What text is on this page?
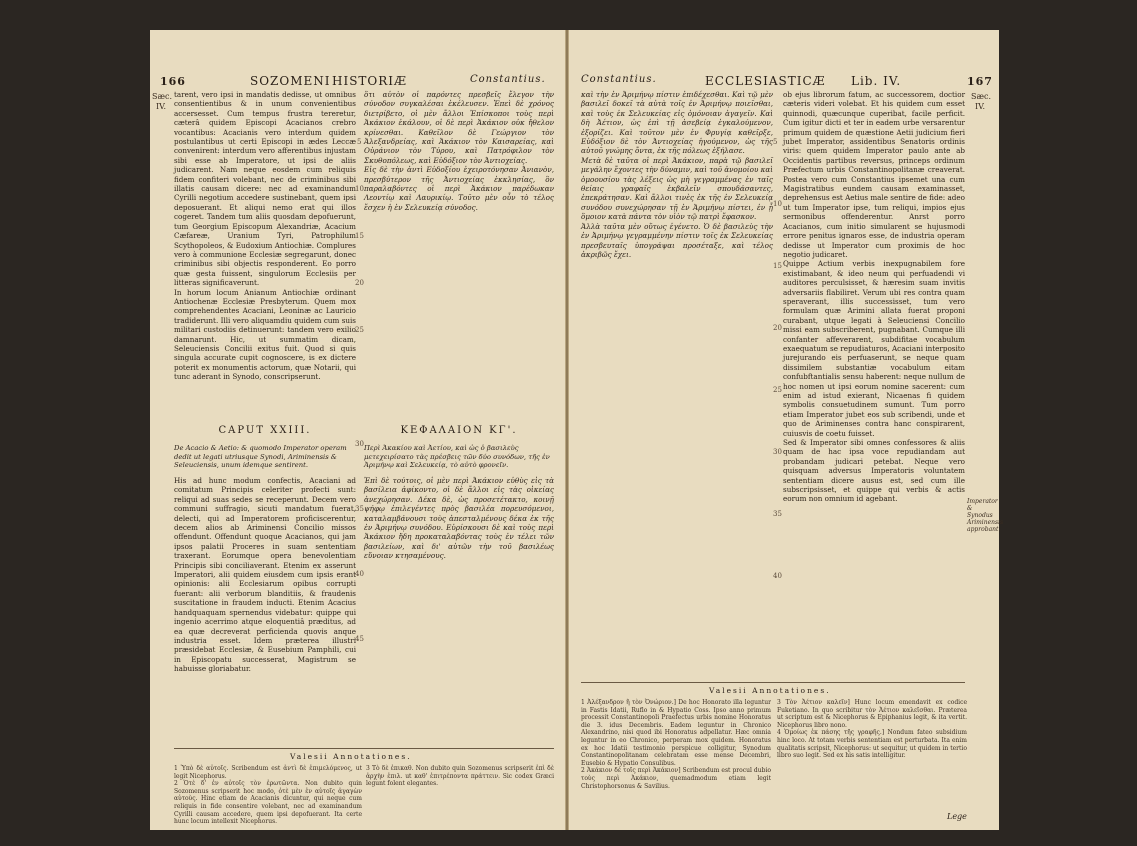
166	SOZOMENI HISTORIÆ	Constantius.
Sæc.
IV.

tarent, vero ipsi in mandatis dedisse, ut omnibus consentientibus & in unum convenientibus accersesset. Cum tempus frustra tereretur, cæterâ quidem Episcopi Acacianos crebro vocantibus: Acacianis vero interdum quidem postulantibus ut certi Episcopi in ædes Leccæ convenirent: interdum vero afferentibus injustam sibi esse ab Imperatore, ut ipsi de aliis judicarent. Nam neque eosdem cum reliquis fidem confiteri volebant, nec de criminibus sibi illatis causam dicere: nec ad examinandum Cyrilli negotium accedere sustinebant, quem ipsi deposuerant. Et aliqui nemo erat qui illos cogeret. Tandem tum aliis quosdam depofuerunt, tum Georgium Episcopum Alexandriæ, Acacium Cæfareæ, Uranium Tyri, Patrophilum Scythopoleos, & Eudoxium Antiochiæ. Complures vero à communione Ecclesiæ segregarunt, donec criminibus sibi objectis responderent. Eo porro quæ gesta fuissent, singulorum Ecclesiis per litteras significaverunt.

In horum locum Anianum Antiochiæ ordinant Antiochenæ Ecclesiæ Presbyterum. Quem mox comprehendentes Acaciani, Leoninæ ac Lauricio tradiderunt. Illi vero aliquamdiu quidem cum suis militari custodiis detinuerunt: tandem vero exilio damnarunt. Hic, ut summatim dicam, Seleuciensis Concilii exitus fuit. Quod si quis singula accurate cupit cognoscere, is ex dictere poterit ex monumentis actorum, quæ Notarii, qui tunc aderant in Synodo, conscripserunt.

ὅτι αὐτὸν οἱ παρόντες πρεσβεῖς ἔλεγον τὴν σύνοδον συγκαλέσαι ἐκέλευσεν. Ἐπεὶ δὲ χρόνος διετρίβετο, οἱ μὲν ἄλλοι Ἐπίσκοποι τοὺς περὶ Ἀκάκιον ἐκάλουν, οἱ δὲ περὶ Ἀκάκιον οὐκ ἤθελον κρίνεσθαι. Καθεῖλον δὲ Γεώργιον τὸν Ἀλεξανδρείας, καὶ Ἀκάκιον τὸν Καισαρείας, καὶ Οὐράνιον τὸν Τύρου, καὶ Πατρόφιλον τὸν Σκυθοπόλεως, καὶ Εὐδόξιον τὸν Ἀντιοχείας.

Εἰς δὲ τὴν ἀντὶ Εὐδοξίου ἐχειροτόνησαν Ἀνιανὸν, πρεσβύτερον τῆς Ἀντιοχείας ἐκκλησίας, ὃν παραλαβόντες οἱ περὶ Ἀκάκιον παρέδωκαν Λεοντίῳ καὶ Λαυρικίῳ. Τοῦτο μὲν οὖν τὸ τέλος ἔσχεν ἡ ἐν Σελευκείᾳ σύνοδος.

5
10
15
20
25
30
35
40
45
CAPUT XXIII.	ΚΕΦΑΛΑΙΟΝ ΚΓ'.
De Acacio & Aetio: & quomodo Imperator operam dedit ut legati utriusque Synodi, Ariminensis & Seleuciensis, unum idemque sentirent.
Περὶ Ἀκακίου καὶ Ἀετίου, καὶ ὡς ὁ βασιλεὺς μετεχειρίσατο τὰς πρέσβεις τῶν δύο συνόδων, τῆς ἐν Ἀριμήνῳ καὶ Σελευκείᾳ, τὸ αὐτὸ φρονεῖν.

His ad hunc modum confectis, Acaciani ad comitatum Principis celeriter profecti sunt: reliqui ad suas sedes se receperunt. Decem vero communi suffragio, sicuti mandatum fuerat, delecti, qui ad Imperatorem proficiscerentur, decem alios ab Ariminensi Concilio missos offendunt. Offendunt quoque Acacianos, qui jam ipsos palatii Proceres in suam sententiam traxerant. Eorumque opera benevolentiam Principis sibi conciliaverant. Etenim ex asserunt Imperatori, alii quidem eiusdem cum ipsis erant opinionis: alii Ecclesiarum opibus corrupti fuerant: alii verborum blanditiis, & fraudenis suscitatione in fraudem inducti. Etenim Acacius handquaquam spernendus videbatur: quippe qui ingenio acerrimo atque eloquentiâ præditus, ad ea quæ decreverat perficienda quovis anque industria esset. Idem præterea illustri præsidebat Ecclesiæ, & Eusebium Pamphili, cui in Episcopatu successerat, Magistrum se habuisse gloriabatur.

Ἐπὶ δὲ τούτοις, οἱ μὲν περὶ Ἀκάκιον εὐθὺς εἰς τὰ βασίλεια ἀφίκοντο, οἱ δὲ ἄλλοι εἰς τὰς οἰκείας ἀνεχώρησαν. Δέκα δὲ, ὡς προσετέτακτο, κοινῇ ψήφῳ ἐπιλεγέντες πρὸς βασιλέα πορευσόμενοι, καταλαμβάνουσι τοὺς ἀπεσταλμένους δέκα ἐκ τῆς ἐν Ἀριμήνῳ συνόδου. Εὑρίσκουσι δὲ καὶ τοὺς περὶ Ἀκάκιον ἤδη προκαταλαβόντας τοὺς ἐν τέλει τῶν βασιλείων, καὶ δι' αὐτῶν τὴν τοῦ βασιλέως εὔνοιαν κτησαμένους.

Valesii Annotationes.
1 Ὑπὸ δὲ αὐτοῖς. Scribendum est ἀντὶ δὲ ἐπιμελόμενος, ut legit Nicephorus.
2 Ὁτὲ δ' ἐν αὐτοῖς τὸν ἐρωτῶντα. Non dubito quin Sozomenus scripserit hoc modo, ὁτὲ μὲν ἐν αὐτοῖς ἀγαγὼν αὐτοὺς. Hinc etiam de Acacianis dicuntur, qui neque cum reliquis in fide consentire volebant, nec ad examinandum Cyrilli causam accedere, quem ipsi depofuerant. Ita certe hunc locum intellexit Nicephorus.
3 Τὸ δὲ ἐπικαθ. Non dubito quin Sozomenus scripserit ἐπὶ δὲ ἀρχὴν ἐπιλ. ut καθ' ἐπιτρέποντα πράττειν. Sic codex Græci legunt folent elegantes.
Constantius.	ECCLESIASTICÆ Lib. IV.	167
Sæc.
IV.

καὶ τὴν ἐν Ἀριμήνῳ πίστιν ἐπιδέχεσθαι. Καὶ τῷ μὲν βασιλεῖ δοκεῖ τὰ αὐτὰ τοῖς ἐν Ἀριμήνῳ ποιεῖσθαι, καὶ τοὺς ἐκ Σελευκείας εἰς ὁμόνοιαν ἀγαγεῖν. Καὶ δὴ Ἀέτιον, ὡς ἐπὶ τῇ ἀσεβείᾳ ἐγκαλούμενον, ἐξορίζει. Καὶ τοῦτον μὲν ἐν Φρυγίᾳ καθεῖρξε, Εὐδόξιον δὲ τὸν Ἀντιοχείας ἡγούμενον, ὡς τῆς αὐτοῦ γνώμης ὄντα, ἐκ τῆς πόλεως ἐξήλασε.

Μετὰ δὲ ταῦτα οἱ περὶ Ἀκάκιον, παρὰ τῷ βασιλεῖ μεγάλην ἔχοντες τὴν δύναμιν, καὶ τοῦ ἀνομοίου καὶ ὁμοουσίου τὰς λέξεις ὡς μὴ γεγραμμένας ἐν ταῖς θείαις γραφαῖς ἐκβαλεῖν σπουδάσαντες, ἐπεκράτησαν. Καὶ ἄλλοι τινὲς ἐκ τῆς ἐν Σελευκείᾳ συνόδου συνεχώρησαν τῇ ἐν Ἀριμήνῳ πίστει, ἐν ᾗ ὅμοιον κατὰ πάντα τὸν υἱὸν τῷ πατρὶ ἔφασκον.

Ἀλλὰ ταῦτα μὲν οὕτως ἐγένετο. Ὁ δὲ βασιλεὺς τὴν ἐν Ἀριμήνῳ γεγραμμένην πίστιν τοῖς ἐκ Σελευκείας πρεσβευταῖς ὑπογράψαι προσέταξε, καὶ τέλος ἀκριβῶς ἔχει.

ob ejus librorum fatum, ac successorem, doctior cæteris videri volebat. Et his quidem cum esset quinnodi, quæcunque cuperibat, facile perficit. Cum igitur dicti et ter in eadem urbe versarentur primum quidem de quæstione Aetii judicium fieri jubet Imperator, assidentibus Senatoris ordinis viris: quem quidem Imperator paulo ante ab Occidentis partibus reversus, princeps ordinum Præfectum urbis Constantinopolitanæ creaverat. Postea vero cum Constantius ipsemet una cum Magistratibus eundem causam examinasset, deprehensus est Aetius male sentire de fide: adeo ut tum Imperator ipse, tum reliqui, impios ejus sermonibus offenderentur. Anrst porro Acacianos, cum initio simularent se hujusmodi errore penitus ignaros esse, de industria operam dedisse ut Imperator cum proximis de hoc negotio judicaret.

Quippe Actium verbis inexpugnabilem fore existimabant, & ideo neum qui perfuadendi vi auditores perculsisset, & hæresim suam invitis adversariis flabiliret. Verum ubi res contra quam speraverant, illis successisset, tum vero formulam quæ Arimini allata fuerat proponi curabant, utque legati à Seleuciensi Concilio missi eam subscriberent, pugnabant. Cumque illi confanter affeverarent, subdifitae vocabulum exaequatum se repudiaturos, Acaciani interposito jurejurando eis perfuaserunt, se neque quam dissimilem substantiæ vocabulum eitam confubftantialis sensu haberent: neque nullum de hoc nomen ut ipsi eorum nomine sacerent: cum enim ad istud exierant, Nicaenas fi quidem symbolis consuetudinem sumunt. Tum porro etiam Imperator jubet eos sub scribendi, unde et quo de Ariminenses contra hanc conspirarent, cuiusvis de coetu fuisset.

Sed & Imperator sibi omnes confessores & aliis quam de hac ipsa voce repudiandam aut probandam judicari petebat. Neque vero quisquam adversus Imperatoris voluntatem sententiam dicere ausus est, sed cum ille subscripsisset, et quippe qui verbis & actis eorum non omnium id agebant.

5
10
15
20
25
30
35
40
Imperator & Synodus Ariminensis approbant.
Valesii Annotationes.
1 Ἀλέξανδρον ἢ τὸν Ὁνώριον.] De hoc Honorato illa leguntur in Fastis Idatii, Ruflo in & Hypatio Coss. Ipso anno primum processit Constantinopoli Praefectus urbis nomine Honoratus die 3. idus Decembris. Eadem leguntur in Chronico Alexandrino, nisi quod ibi Honoratus adpellatur. Hæc omnia leguntur in eo Chronico, perperam mox quidem. Honoratus ex hoc Idatii testimonio perspicue colligitur, Synodum Constantinopolitanam celebratam esse mense Decembri, Eusebio & Hypatio Consulibus.
2 Ἀκάκιον δὲ τοῖς περὶ Ἀκάκιον] Scribendum est procul dubio τοὺς περὶ Ἀκάκιον, quemadmodum etiam legit Christophorsonus & Savilius.
3 Τὸν Ἀέτιον καλεῖν] Hunc locum emendavit ex codice Fuketiano. In quo scribitur τὸν Ἀέτιον καλεῖσθαι. Præterea ut scriptum est & Nicephorus & Epiphanius legit, & ita vertit. Nicephorus libro nono.
4 Ὁμοίως ἐκ πάσης τῆς γραφῆς.] Nondum fateo subsidium hinc loco. At totam verbis sententiam est perturbata. Ita enim qualitatis scripsit, Nicephorus: ut sequitur, ut quidem in tertio libro suo legit. Sed ex his satis intelligitur.
Lege
